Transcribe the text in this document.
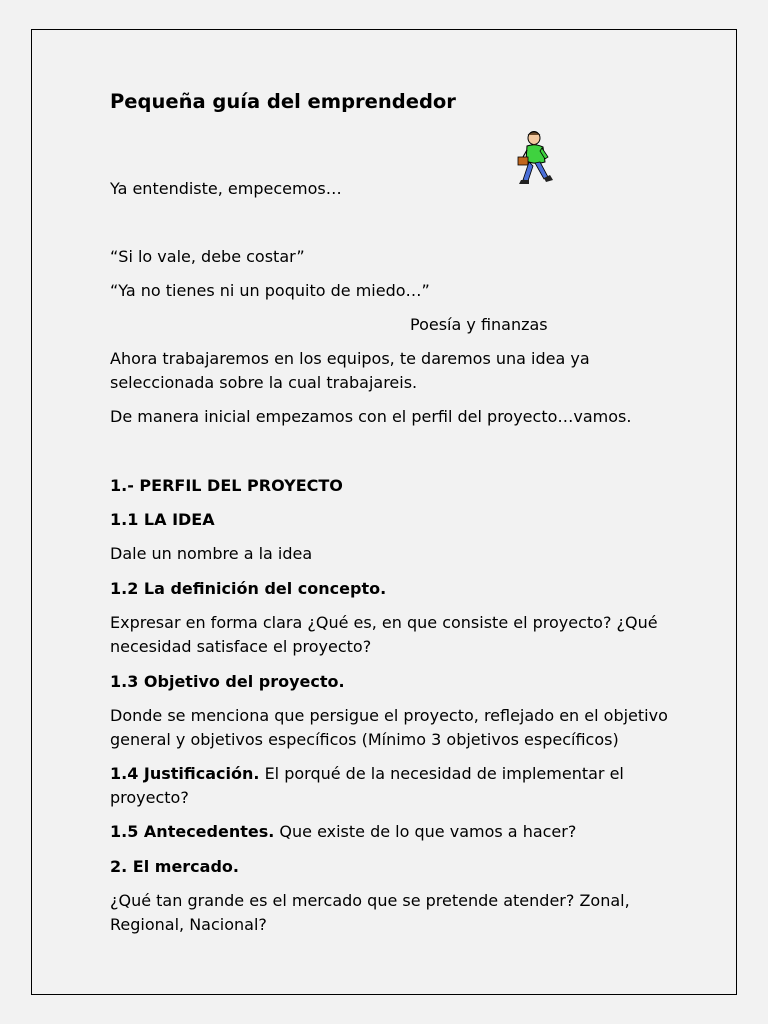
Pequeña guía del emprendedor
Ya entendiste, empecemos…
“Si lo vale, debe costar”
“Ya no tienes ni un poquito de miedo…”
Poesía y finanzas
Ahora trabajaremos en los equipos, te daremos una idea ya seleccionada sobre la cual trabajareis.
De manera inicial empezamos con el perfil del proyecto…vamos.
1.- PERFIL DEL PROYECTO
1.1 LA IDEA
Dale un nombre a la idea
1.2 La definición del concepto.
Expresar en forma clara ¿Qué es, en que consiste el proyecto? ¿Qué necesidad satisface el proyecto?
1.3 Objetivo del proyecto.
Donde se menciona que persigue el proyecto, reflejado en el objetivo general y objetivos específicos (Mínimo 3 objetivos específicos)
1.4 Justificación. El porqué de la necesidad de implementar el proyecto?
1.5 Antecedentes. Que existe de lo que vamos a hacer?
2. El mercado.
¿Qué tan grande es el mercado que se pretende atender? Zonal, Regional, Nacional?
